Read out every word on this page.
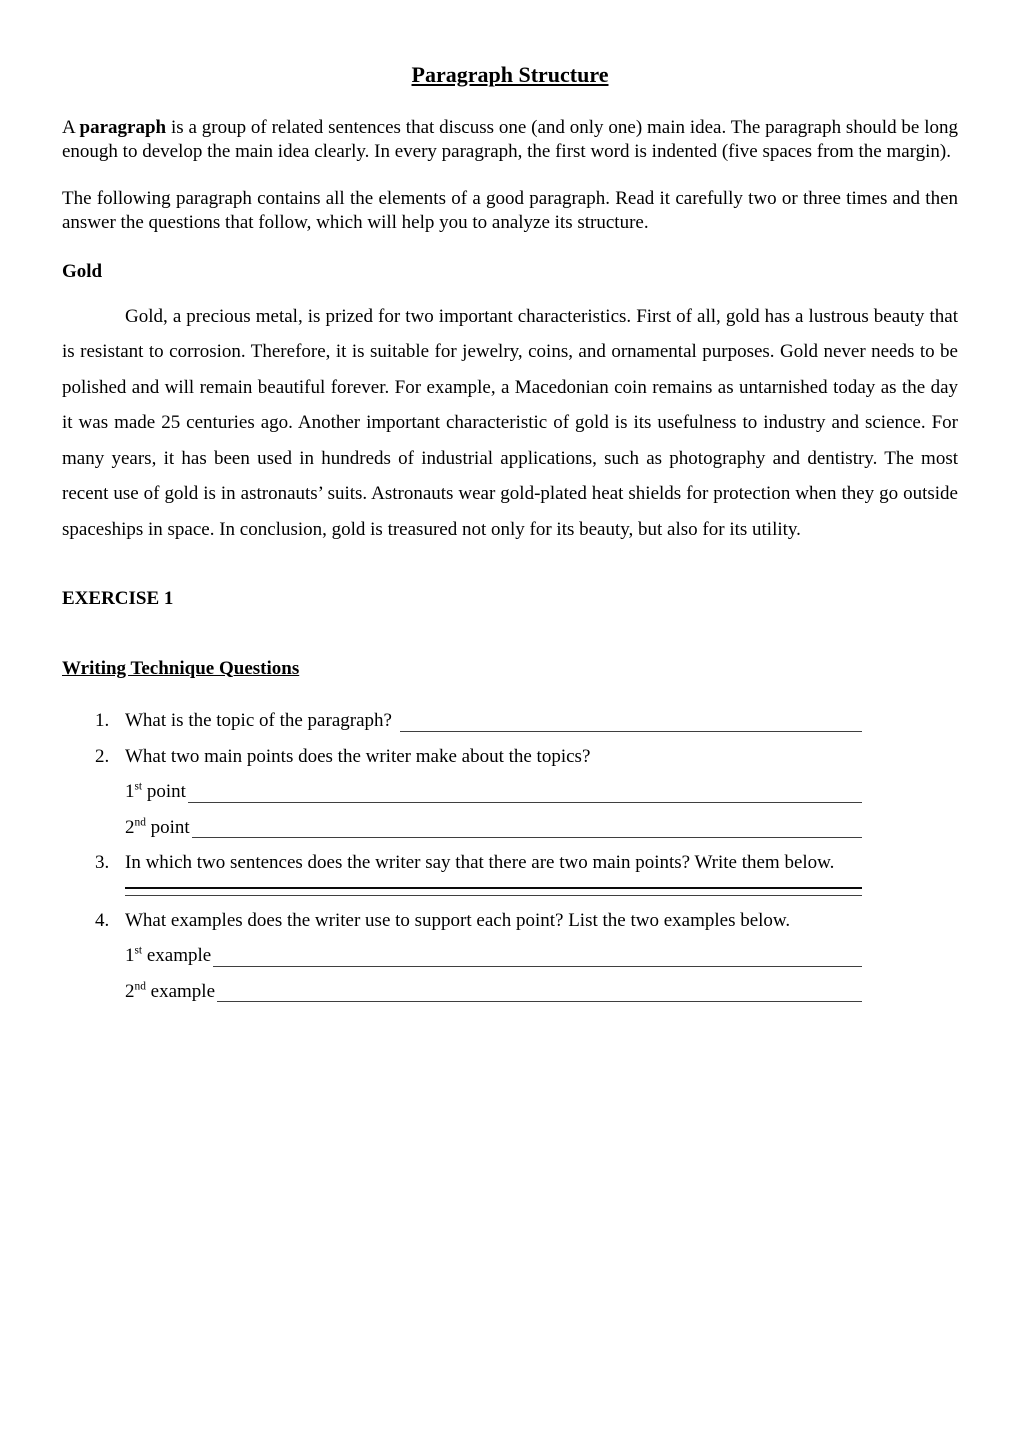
Paragraph Structure

A paragraph is a group of related sentences that discuss one (and only one) main idea. The paragraph should be long enough to develop the main idea clearly. In every paragraph, the first word is indented (five spaces from the margin).

The following paragraph contains all the elements of a good paragraph. Read it carefully two or three times and then answer the questions that follow, which will help you to analyze its structure.

Gold

Gold, a precious metal, is prized for two important characteristics. First of all, gold has a lustrous beauty that is resistant to corrosion. Therefore, it is suitable for jewelry, coins, and ornamental purposes. Gold never needs to be polished and will remain beautiful forever. For example, a Macedonian coin remains as untarnished today as the day it was made 25 centuries ago. Another important characteristic of gold is its usefulness to industry and science. For many years, it has been used in hundreds of industrial applications, such as photography and dentistry. The most recent use of gold is in astronauts’ suits. Astronauts wear gold-plated heat shields for protection when they go outside spaceships in space. In conclusion, gold is treasured not only for its beauty, but also for its utility.

EXERCISE 1

Writing Technique Questions

1. What is the topic of the paragraph?
2. What two main points does the writer make about the topics?
1st point
2nd point
3. In which two sentences does the writer say that there are two main points? Write them below.
4. What examples does the writer use to support each point? List the two examples below.
1st example
2nd example
